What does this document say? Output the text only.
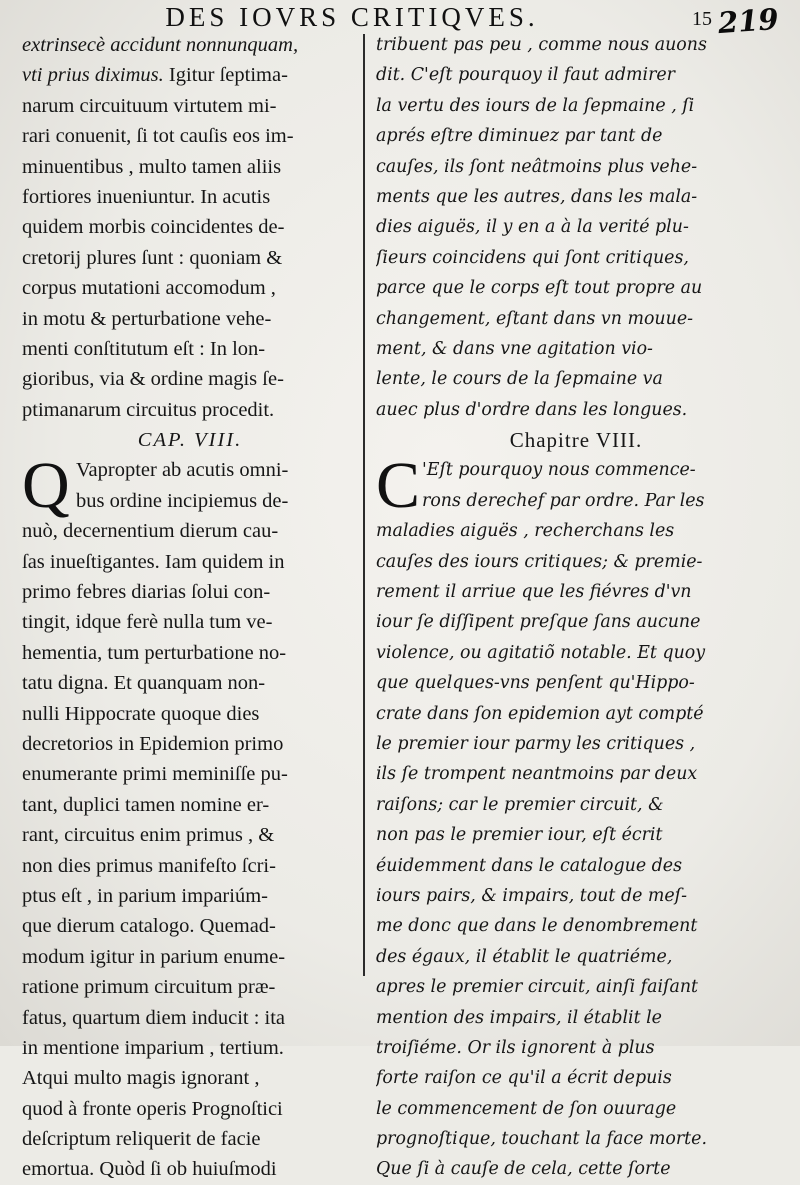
DES IOVRS CRITIQVES.	15 219
extrinsecè accidunt nonnunquam,
vti prius diximus. Igitur ſeptima-
narum circuituum virtutem mi-
rari conuenit, ſi tot cauſis eos im-
minuentibus , multo tamen aliis
fortiores inueniuntur. In acutis
quidem morbis coincidentes de-
cretorij plures ſunt : quoniam &
corpus mutationi accomodum ,
in motu & perturbatione vehe-
menti conſtitutum eſt : In lon-
gioribus, via & ordine magis ſe-
ptimanarum circuitus procedit.
CAP. VIII.
Q Vapropter ab acutis omni-
bus ordine incipiemus de-
nuò, decernentium dierum cau-
ſas inueſtigantes. Iam quidem in
primo febres diarias ſolui con-
tingit, idque ferè nulla tum ve-
hementia, tum perturbatione no-
tatu digna. Et quanquam non-
nulli Hippocrate quoque dies
decretorios in Epidemion primo
enumerante primi meminiſſe pu-
tant, duplici tamen nomine er-
rant, circuitus enim primus , &
non dies primus manifeſto ſcri-
ptus eſt , in parium impariúm-
que dierum catalogo. Quemad-
modum igitur in parium enume-
ratione primum circuitum præ-
fatus, quartum diem inducit : ita
in mentione imparium , tertium.
Atqui multo magis ignorant ,
quod à fronte operis Prognoſtici
deſcriptum reliquerit de facie
emortua. Quòd ſi ob huiuſmodi
tribuent pas peu , comme nous auons
dit. C'eſt pourquoy il faut admirer
la vertu des iours de la ſepmaine , ſi
aprés eſtre diminuez par tant de
cauſes, ils ſont neâtmoins plus vehe-
ments que les autres, dans les mala-
dies aiguës, il y en a à la verité plu-
ſieurs coincidens qui ſont critiques,
parce que le corps eſt tout propre au
changement, eſtant dans vn mouue-
ment, & dans vne agitation vio-
lente, le cours de la ſepmaine va
auec plus d'ordre dans les longues.
Chapitre VIII.
C 'Eſt pourquoy nous commence-
rons derechef par ordre. Par les
maladies aiguës , recherchans les
cauſes des iours critiques; & premie-
rement il arriue que les fiévres d'vn
iour ſe diſſipent preſque ſans aucune
violence, ou agitatiõ notable. Et quoy
que quelques-vns penſent qu'Hippo-
crate dans ſon epidemion ayt compté
le premier iour parmy les critiques ,
ils ſe trompent neantmoins par deux
raiſons; car le premier circuit, &
non pas le premier iour, eſt écrit
éuidemment dans le catalogue des
iours pairs, & impairs, tout de meſ-
me donc que dans le denombrement
des égaux, il établit le quatriéme,
apres le premier circuit, ainſi faiſant
mention des impairs, il établit le
troiſiéme. Or ils ignorent à plus
forte raiſon ce qu'il a écrit depuis
le commencement de ſon ouurage
prognoſtique, touchant la face morte.
Que ſi à cauſe de cela, cette ſorte
